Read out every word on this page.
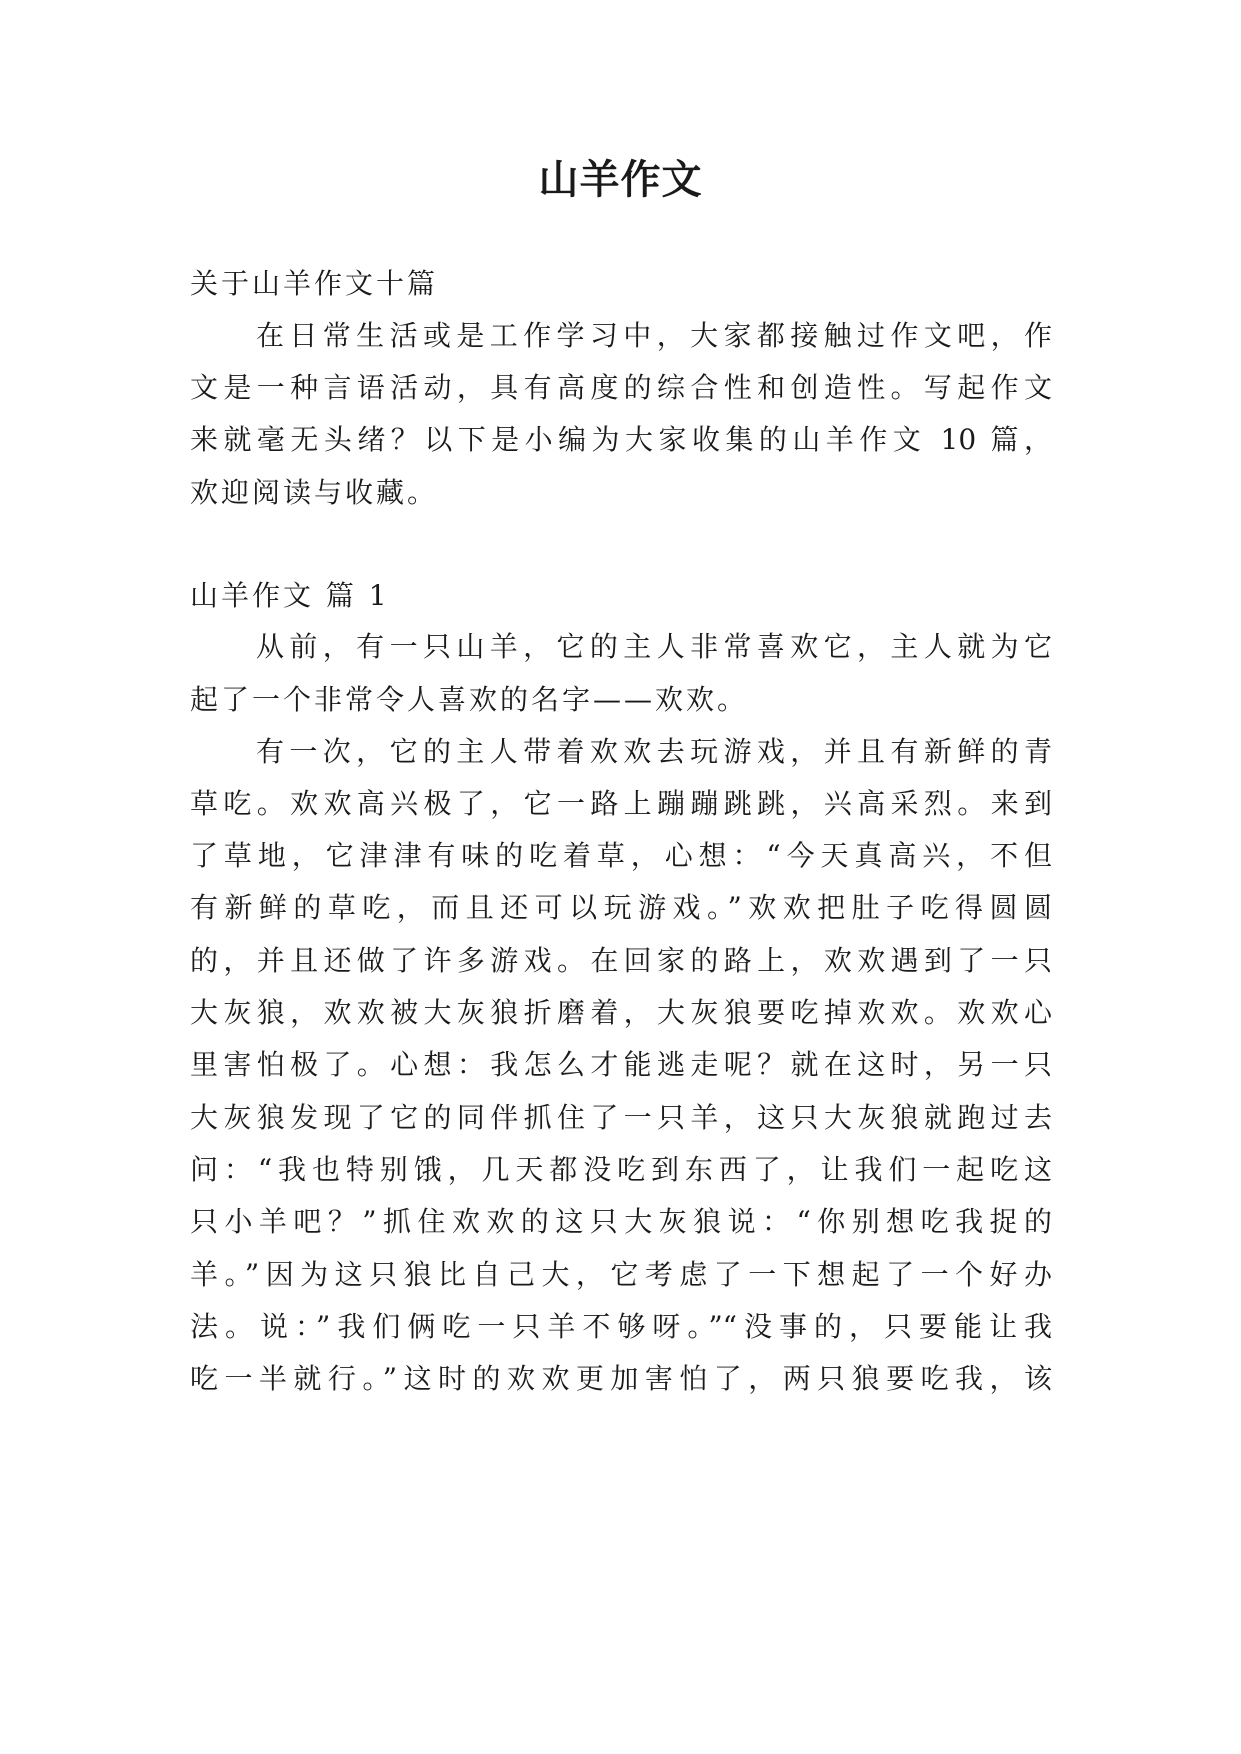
山羊作文
关于山羊作文十篇
在日常生活或是工作学习中，大家都接触过作文吧，作
文是一种言语活动，具有高度的综合性和创造性。写起作文
来就毫无头绪？以下是小编为大家收集的山羊作文 10 篇，
欢迎阅读与收藏。
山羊作文 篇 1
从前，有一只山羊，它的主人非常喜欢它，主人就为它
起了一个非常令人喜欢的名字——欢欢。
有一次，它的主人带着欢欢去玩游戏，并且有新鲜的青
草吃。欢欢高兴极了，它一路上蹦蹦跳跳，兴高采烈。来到
了草地，它津津有味的吃着草，心想：“今天真高兴，不但
有新鲜的草吃，而且还可以玩游戏。”欢欢把肚子吃得圆圆
的，并且还做了许多游戏。在回家的路上，欢欢遇到了一只
大灰狼，欢欢被大灰狼折磨着，大灰狼要吃掉欢欢。欢欢心
里害怕极了。心想：我怎么才能逃走呢？就在这时，另一只
大灰狼发现了它的同伴抓住了一只羊，这只大灰狼就跑过去
问：“我也特别饿，几天都没吃到东西了，让我们一起吃这
只小羊吧？”抓住欢欢的这只大灰狼说：“你别想吃我捉的
羊。”因为这只狼比自己大，它考虑了一下想起了一个好办
法。说：”我们俩吃一只羊不够呀。”“没事的，只要能让我
吃一半就行。”这时的欢欢更加害怕了，两只狼要吃我，该
